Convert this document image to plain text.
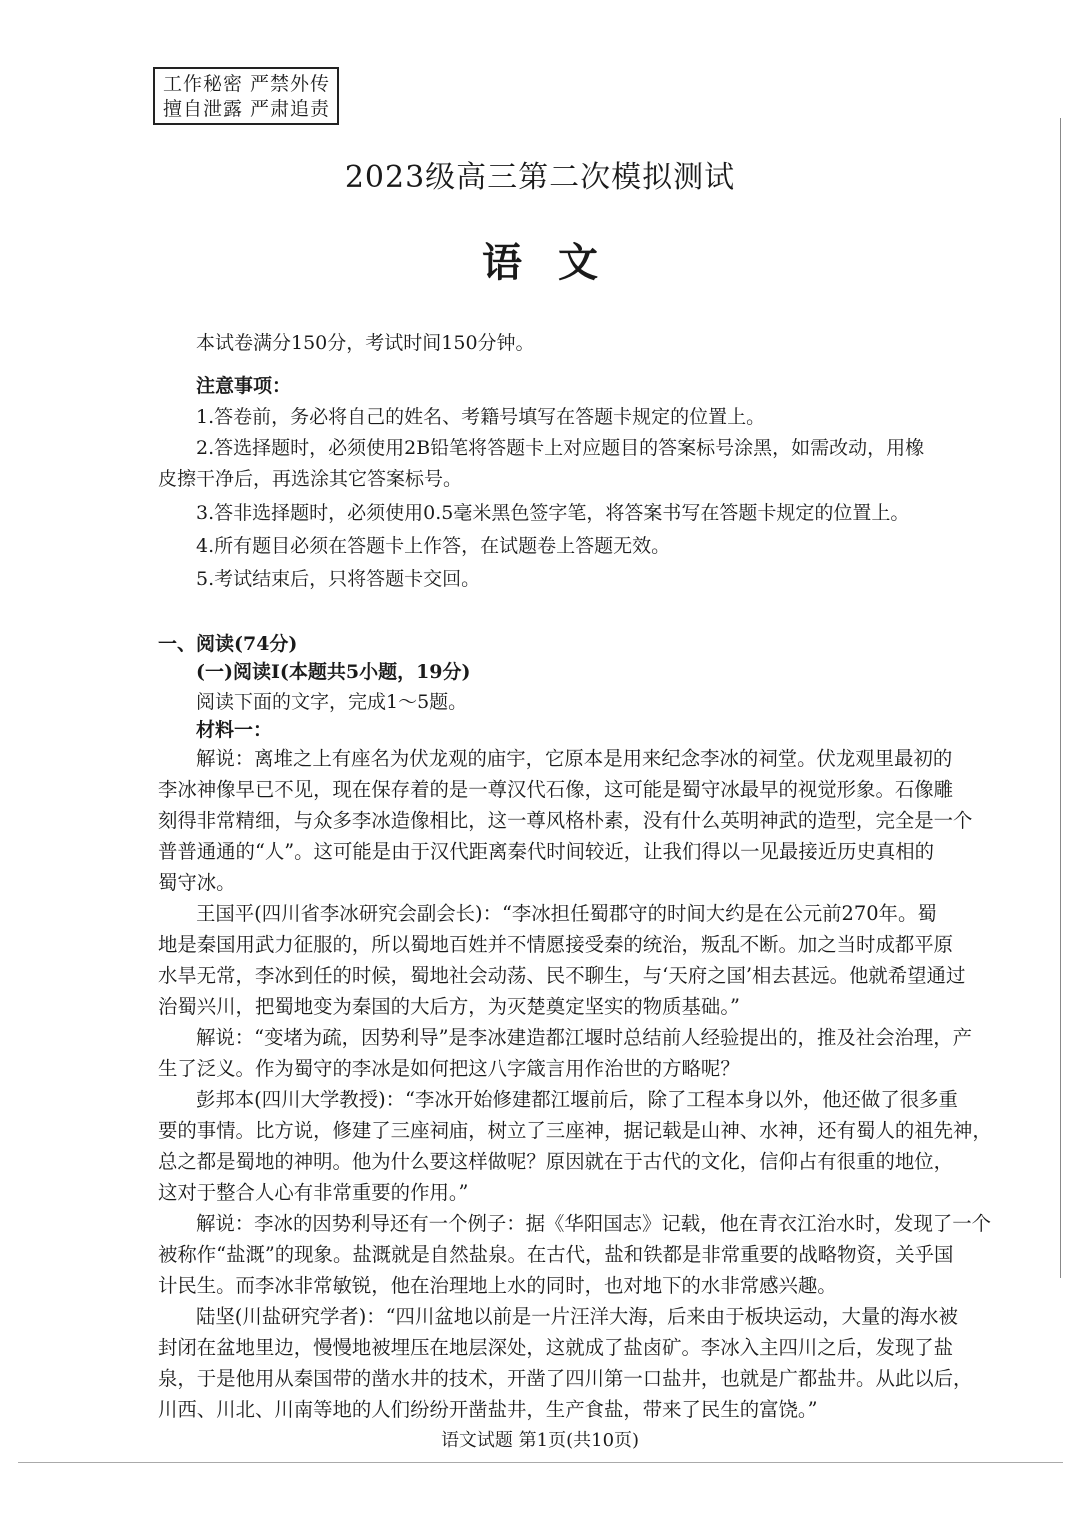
工作秘密 严禁外传
擅自泄露 严肃追责
2023级高三第二次模拟测试
语文
本试卷满分150分，考试时间150分钟。
注意事项：
1.答卷前，务必将自己的姓名、考籍号填写在答题卡规定的位置上。
2.答选择题时，必须使用2B铅笔将答题卡上对应题目的答案标号涂黑，如需改动，用橡
皮擦干净后，再选涂其它答案标号。
3.答非选择题时，必须使用0.5毫米黑色签字笔，将答案书写在答题卡规定的位置上。
4.所有题目必须在答题卡上作答，在试题卷上答题无效。
5.考试结束后，只将答题卡交回。
一、阅读(74分)
(一)阅读Ⅰ(本题共5小题，19分)
阅读下面的文字，完成1～5题。
材料一：
解说：离堆之上有座名为伏龙观的庙宇，它原本是用来纪念李冰的祠堂。伏龙观里最初的
李冰神像早已不见，现在保存着的是一尊汉代石像，这可能是蜀守冰最早的视觉形象。石像雕
刻得非常精细，与众多李冰造像相比，这一尊风格朴素，没有什么英明神武的造型，完全是一个
普普通通的“人”。这可能是由于汉代距离秦代时间较近，让我们得以一见最接近历史真相的
蜀守冰。
王国平(四川省李冰研究会副会长)：“李冰担任蜀郡守的时间大约是在公元前270年。蜀
地是秦国用武力征服的，所以蜀地百姓并不情愿接受秦的统治，叛乱不断。加之当时成都平原
水旱无常，李冰到任的时候，蜀地社会动荡、民不聊生，与‘天府之国’相去甚远。他就希望通过
治蜀兴川，把蜀地变为秦国的大后方，为灭楚奠定坚实的物质基础。”
解说：“变堵为疏，因势利导”是李冰建造都江堰时总结前人经验提出的，推及社会治理，产
生了泛义。作为蜀守的李冰是如何把这八字箴言用作治世的方略呢？
彭邦本(四川大学教授)：“李冰开始修建都江堰前后，除了工程本身以外，他还做了很多重
要的事情。比方说，修建了三座祠庙，树立了三座神，据记载是山神、水神，还有蜀人的祖先神，
总之都是蜀地的神明。他为什么要这样做呢？原因就在于古代的文化，信仰占有很重的地位，
这对于整合人心有非常重要的作用。”
解说：李冰的因势利导还有一个例子：据《华阳国志》记载，他在青衣江治水时，发现了一个
被称作“盐溉”的现象。盐溉就是自然盐泉。在古代，盐和铁都是非常重要的战略物资，关乎国
计民生。而李冰非常敏锐，他在治理地上水的同时，也对地下的水非常感兴趣。
陆坚(川盐研究学者)：“四川盆地以前是一片汪洋大海，后来由于板块运动，大量的海水被
封闭在盆地里边，慢慢地被埋压在地层深处，这就成了盐卤矿。李冰入主四川之后，发现了盐
泉，于是他用从秦国带的凿水井的技术，开凿了四川第一口盐井，也就是广都盐井。从此以后，
川西、川北、川南等地的人们纷纷开凿盐井，生产食盐，带来了民生的富饶。”
语文试题 第1页(共10页)
